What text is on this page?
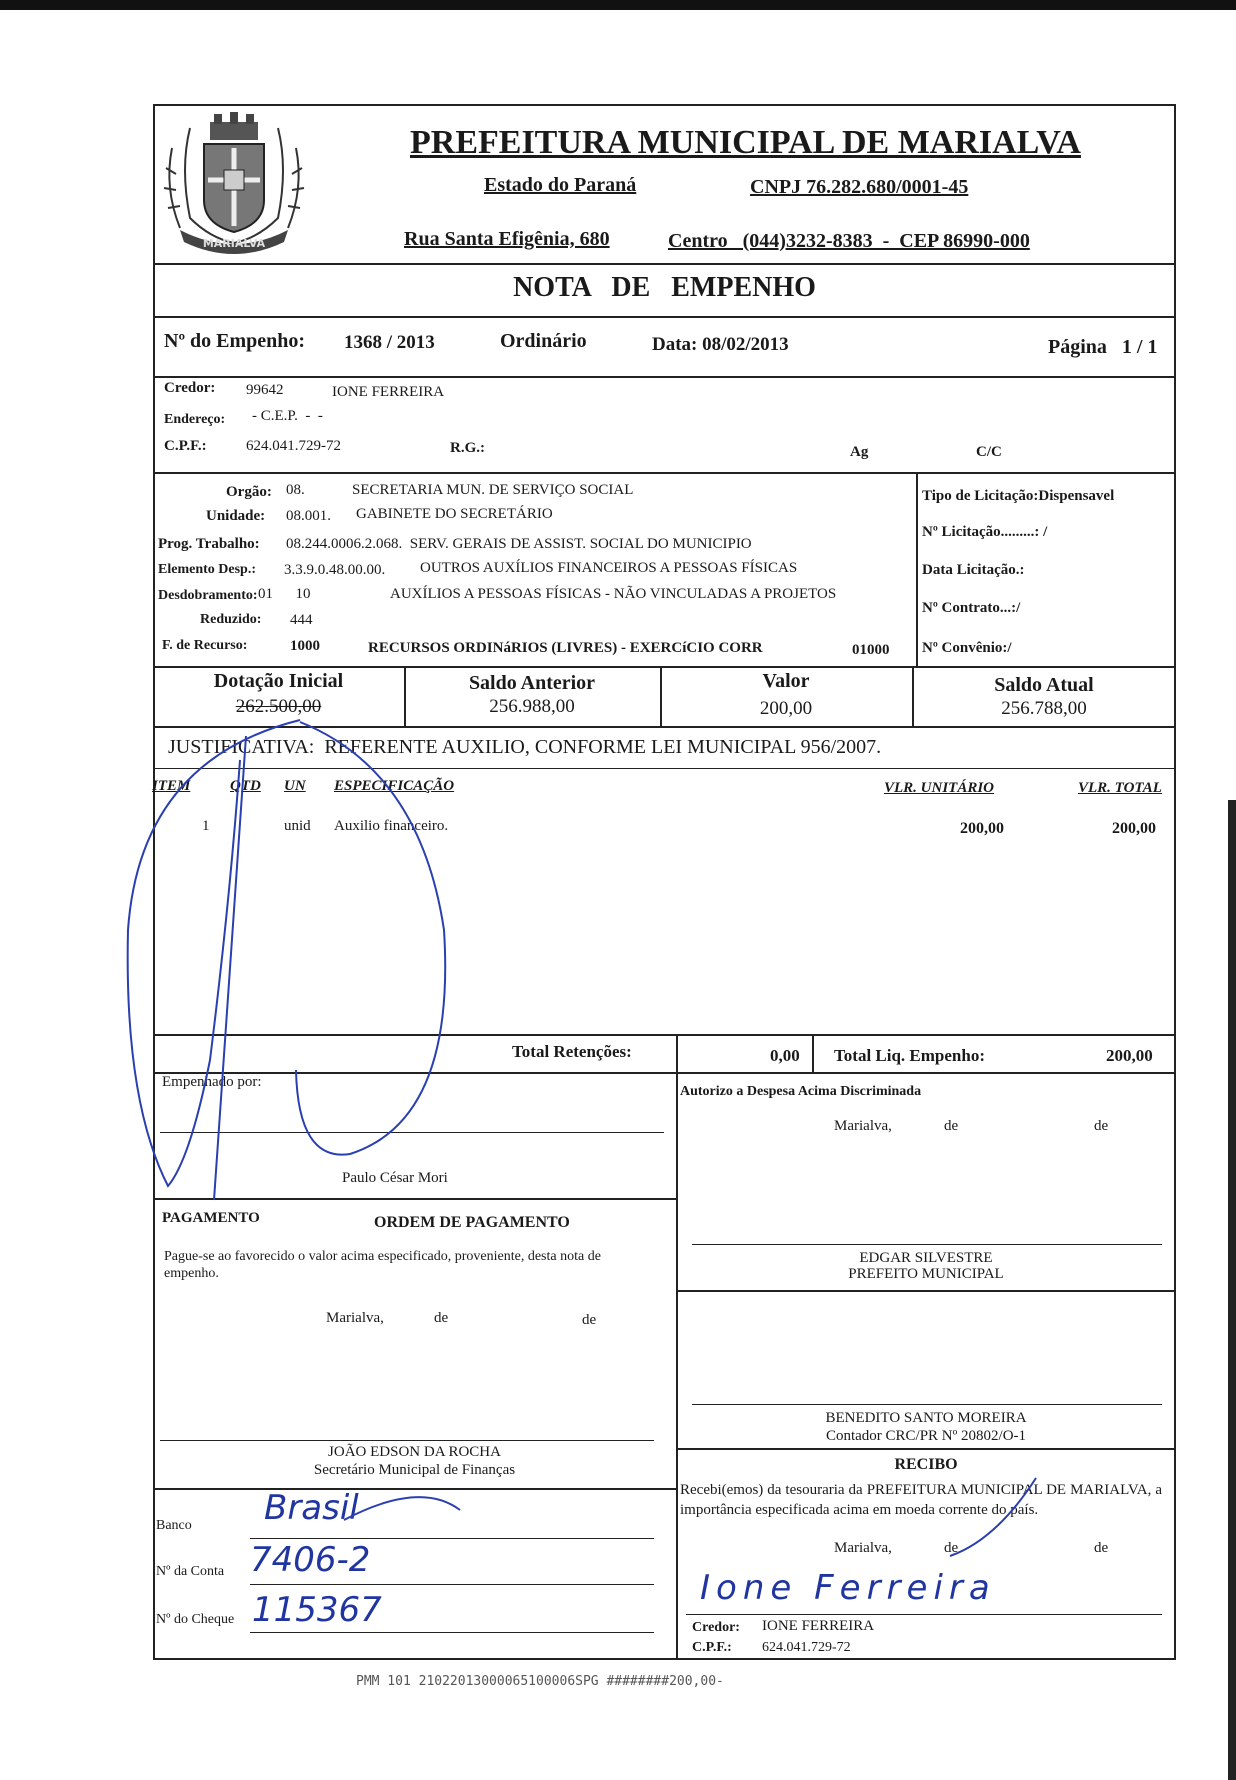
MARIALVA
PREFEITURA MUNICIPAL DE MARIALVA
Estado do Paraná	CNPJ 76.282.680/0001-45
Rua Santa Efigênia, 680	Centro   (044)3232-8383  -  CEP 86990-000
NOTA   DE   EMPENHO
Nº do Empenho: 1368 / 2013	Ordinário	Data: 08/02/2013	Página   1 / 1
Credor: 99642	IONE FERREIRA
Endereço: - C.E.P.  -  -
C.P.F.:	624.041.729-72	R.G.:	Ag	C/C
Orgão: 08.	SECRETARIA MUN. DE SERVIÇO SOCIAL
Unidade: 08.001. GABINETE DO SECRETÁRIO
Prog. Trabalho: 08.244.0006.2.068.  SERV. GERAIS DE ASSIST. SOCIAL DO MUNICIPIO
Elemento Desp.: 3.3.9.0.48.00.00. OUTROS AUXÍLIOS FINANCEIROS A PESSOAS FÍSICAS
Desdobramento: 01      10	AUXÍLIOS A PESSOAS FÍSICAS - NÃO VINCULADAS A PROJETOS
Reduzido: 444
F. de Recurso:	1000	RECURSOS ORDINáRIOS (LIVRES) - EXERCíCIO CORR	01000
Tipo de Licitação:Dispensavel
Nº Licitação.........: /
Data Licitação.:
Nº Contrato...:/
Nº Convênio:/
Dotação Inicial
262.500,00
Saldo Anterior
256.988,00
Valor
200,00
Saldo Atual
256.788,00
JUSTIFICATIVA:  REFERENTE AUXILIO, CONFORME LEI MUNICIPAL 956/2007.
ITEM	QTD UN ESPECIFICAÇÃO	VLR. UNITÁRIO	VLR. TOTAL
1	unid Auxilio financeiro.	200,00	200,00
Total Retenções:	0,00 Total Liq. Empenho:	200,00
Empenhado por:
Paulo César Mori
Autorizo a Despesa Acima Discriminada
Marialva,	de	de
EDGAR SILVESTRE
PREFEITO MUNICIPAL
BENEDITO SANTO MOREIRA
Contador CRC/PR Nº 20802/O-1
PAGAMENTO	ORDEM DE PAGAMENTO
Pague-se ao favorecido o valor acima especificado, proveniente, desta nota de empenho.
Marialva,	de	de
JOÃO EDSON DA ROCHA
Secretário Municipal de Finanças
Banco Brasil
Nº da Conta 7406-2
Nº do Cheque 115367
RECIBO
Recebi(emos) da tesouraria da PREFEITURA MUNICIPAL DE MARIALVA, a importância especificada acima em moeda corrente do país.
Marialva,	de	de
Ione Ferreira
Credor: IONE FERREIRA
C.P.F.: 624.041.729-72
PMM 101 21022013000065100006SPG ########200,00-
